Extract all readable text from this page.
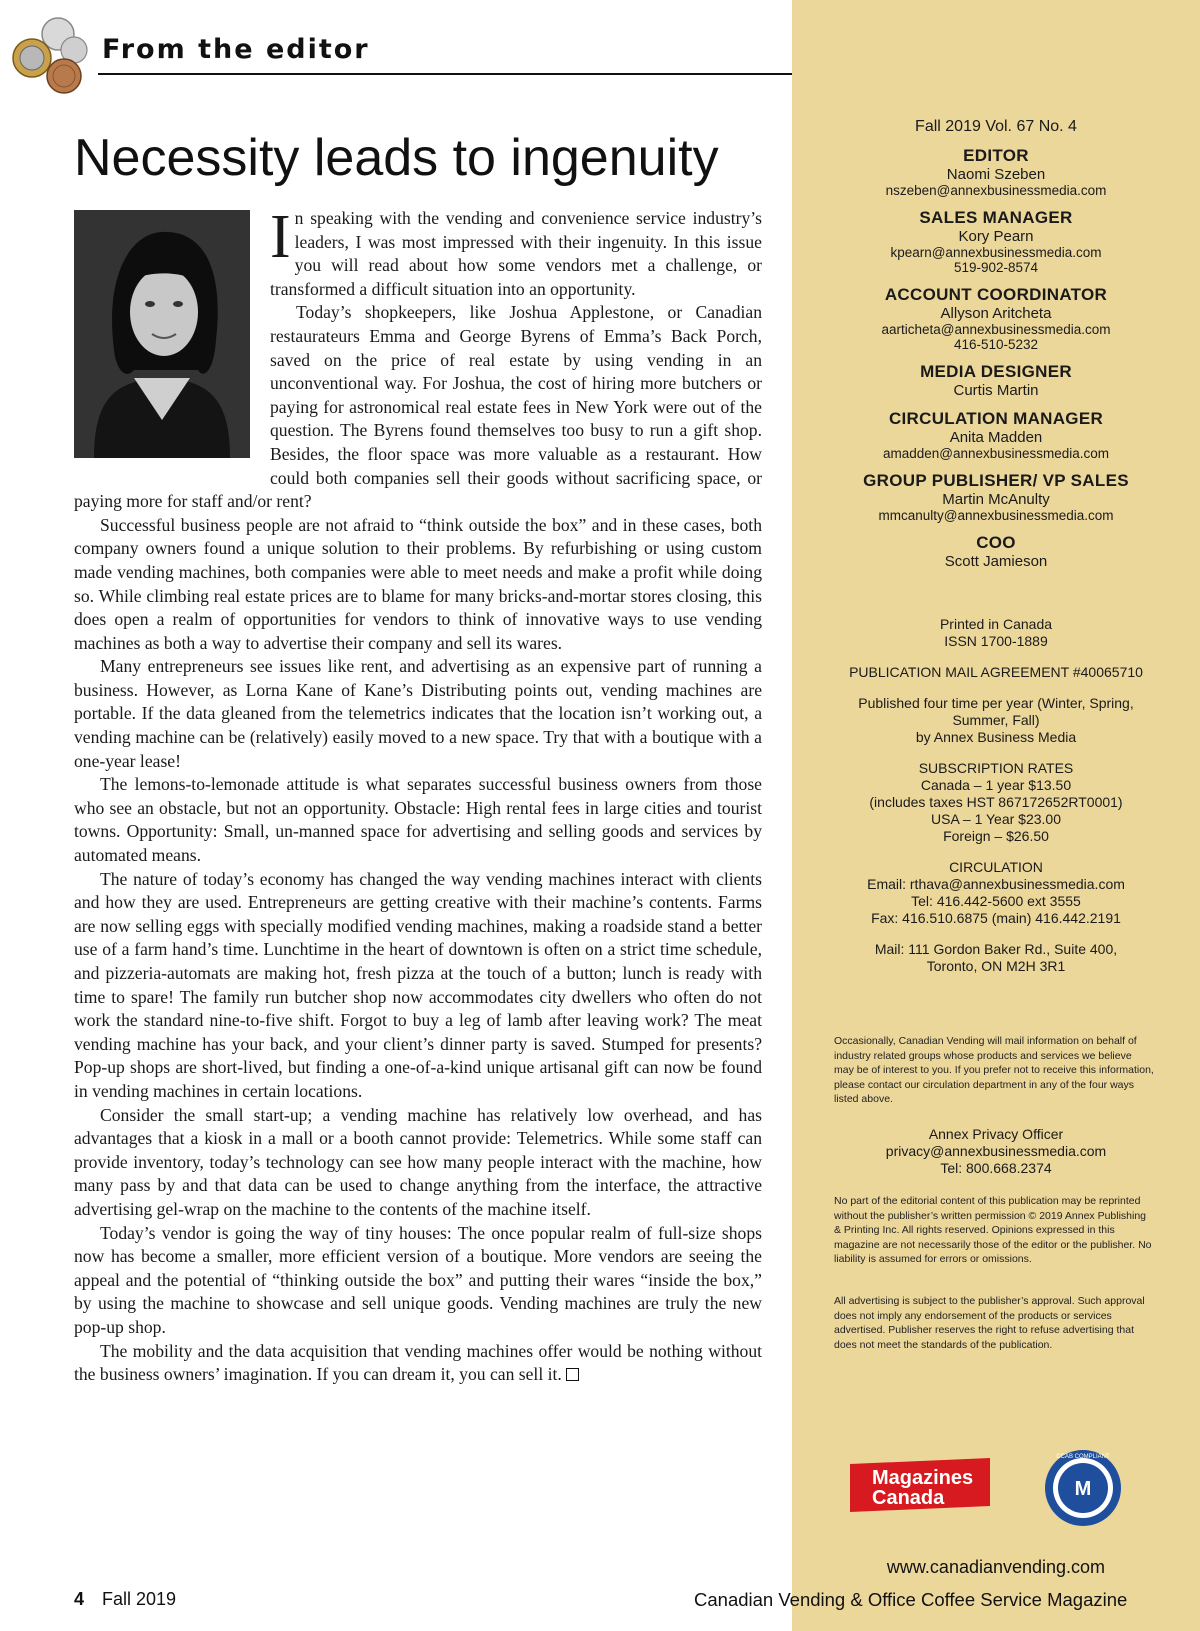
From the editor
Necessity leads to ingenuity

In speaking with the vending and convenience service industry’s leaders, I was most impressed with their ingenuity. In this issue you will read about how some vendors met a challenge, or transformed a difficult situation into an opportunity.

Today’s shopkeepers, like Joshua Applestone, or Canadian restaurateurs Emma and George Byrens of Emma’s Back Porch, saved on the price of real estate by using vending in an unconventional way. For Joshua, the cost of hiring more butchers or paying for astronomical real estate fees in New York were out of the question. The Byrens found themselves too busy to run a gift shop. Besides, the floor space was more valuable as a restaurant. How could both companies sell their goods without sacrificing space, or paying more for staff and/or rent?

Successful business people are not afraid to “think outside the box” and in these cases, both company owners found a unique solution to their problems. By refurbishing or using custom made vending machines, both companies were able to meet needs and make a profit while doing so. While climbing real estate prices are to blame for many bricks-and-mortar stores closing, this does open a realm of opportunities for vendors to think of innovative ways to use vending machines as both a way to advertise their company and sell its wares.

Many entrepreneurs see issues like rent, and advertising as an expensive part of running a business. However, as Lorna Kane of Kane’s Distributing points out, vending machines are portable. If the data gleaned from the telemetrics indicates that the location isn’t working out, a vending machine can be (relatively) easily moved to a new space. Try that with a boutique with a one-year lease!

The lemons-to-lemonade attitude is what separates successful business owners from those who see an obstacle, but not an opportunity. Obstacle: High rental fees in large cities and tourist towns. Opportunity: Small, un-manned space for advertising and selling goods and services by automated means.

The nature of today’s economy has changed the way vending machines interact with clients and how they are used. Entrepreneurs are getting creative with their machine’s contents. Farms are now selling eggs with specially modified vending machines, making a roadside stand a better use of a farm hand’s time. Lunchtime in the heart of downtown is often on a strict time schedule, and pizzeria-automats are making hot, fresh pizza at the touch of a button; lunch is ready with time to spare! The family run butcher shop now accommodates city dwellers who often do not work the standard nine-to-five shift. Forgot to buy a leg of lamb after leaving work? The meat vending machine has your back, and your client’s dinner party is saved. Stumped for presents? Pop-up shops are short-lived, but finding a one-of-a-kind unique artisanal gift can now be found in vending machines in certain locations.

Consider the small start-up; a vending machine has relatively low overhead, and has advantages that a kiosk in a mall or a booth cannot provide: Telemetrics. While some staff can provide inventory, today’s technology can see how many people interact with the machine, how many pass by and that data can be used to change anything from the interface, the attractive advertising gel-wrap on the machine to the contents of the machine itself.

Today’s vendor is going the way of tiny houses: The once popular realm of full-size shops now has become a smaller, more efficient version of a boutique. More vendors are seeing the appeal and the potential of “thinking outside the box” and putting their wares “inside the box,” by using the machine to showcase and sell unique goods. Vending machines are truly the new pop-up shop.

The mobility and the data acquisition that vending machines offer would be nothing without the business owners’ imagination. If you can dream it, you can sell it.

Fall 2019 Vol. 67 No. 4
EDITOR
Naomi Szeben
nszeben@annexbusinessmedia.com
SALES MANAGER
Kory Pearn
kpearn@annexbusinessmedia.com
519-902-8574
ACCOUNT COORDINATOR
Allyson Aritcheta
aarticheta@annexbusinessmedia.com
416-510-5232
MEDIA DESIGNER
Curtis Martin
CIRCULATION MANAGER
Anita Madden
amadden@annexbusinessmedia.com
GROUP PUBLISHER/ VP SALES
Martin McAnulty
mmcanulty@annexbusinessmedia.com
COO
Scott Jamieson
Printed in Canada
ISSN 1700-1889
PUBLICATION MAIL AGREEMENT #40065710
Published four time per year (Winter, Spring,
Summer, Fall)
by Annex Business Media
SUBSCRIPTION RATES
Canada – 1 year $13.50
(includes taxes HST 867172652RT0001)
USA – 1 Year $23.00
Foreign – $26.50
CIRCULATION
Email: rthava@annexbusinessmedia.com
Tel: 416.442-5600 ext 3555
Fax: 416.510.6875 (main) 416.442.2191
Mail: 111 Gordon Baker Rd., Suite 400,
Toronto, ON M2H 3R1
Occasionally, Canadian Vending will mail information on behalf of industry related groups whose products and services we believe may be of interest to you. If you prefer not to receive this information, please contact our circulation department in any of the four ways listed above.
Annex Privacy Officer
privacy@annexbusinessmedia.com
Tel: 800.668.2374
No part of the editorial content of this publication may be reprinted without the publisher’s written permission © 2019 Annex Publishing & Printing Inc. All rights reserved. Opinions expressed in this magazine are not necessarily those of the editor or the publisher. No liability is assumed for errors or omissions.
All advertising is subject to the publisher’s approval. Such approval does not imply any endorsement of the products or services advertised. Publisher reserves the right to refuse advertising that does not meet the standards of the publication.
Magazines
Canada	M
CCAB COMPLIANT
www.canadianvending.com
4 Fall 2019	Canadian Vending & Office Coffee Service Magazine
